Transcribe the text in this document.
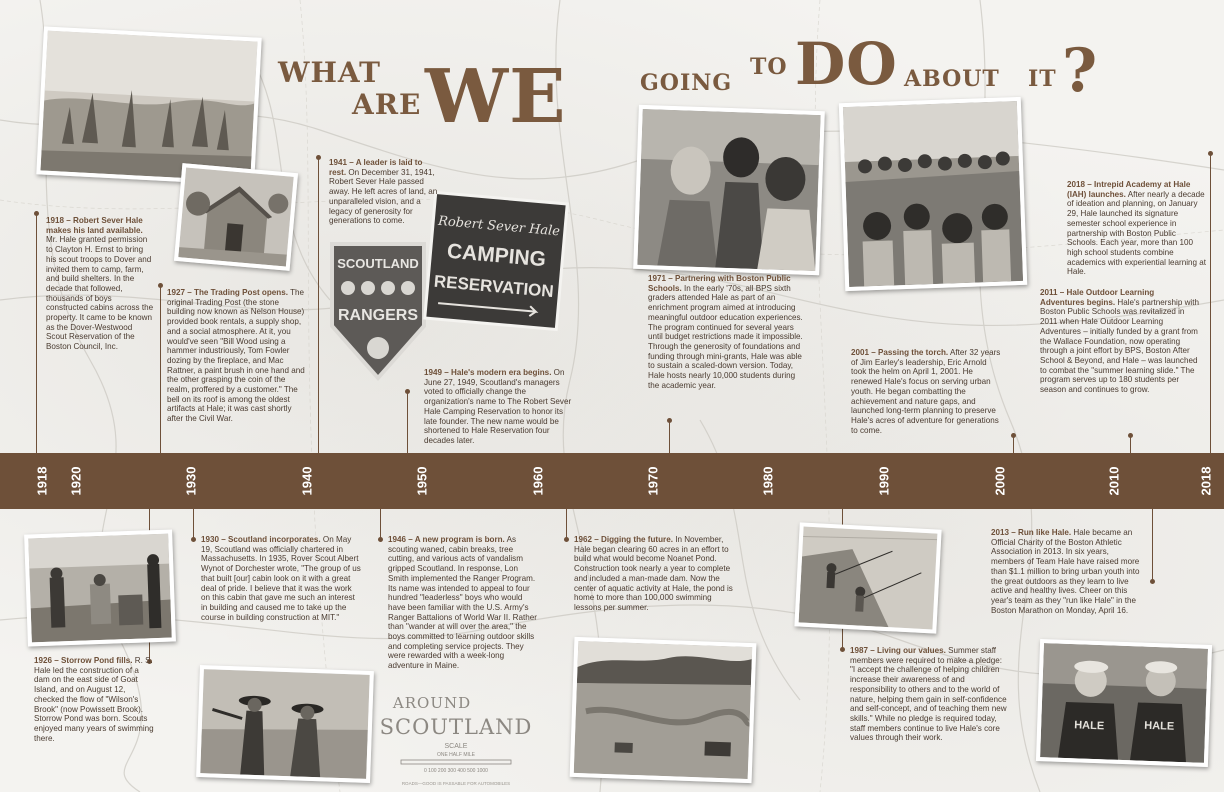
WHAT
ARE WE	GOING
TO DO ABOUT IT ?
SCOUTLAND
RANGERS
Robert Sever Hale
CAMPING
RESERVATION
1918 – Robert Sever Hale makes his land available. Mr. Hale granted permission to Clayton H. Ernst to bring his scout troops to Dover and invited them to camp, farm, and build shelters. In the decade that followed, thousands of boys constructed cabins across the property. It came to be known as the Dover-Westwood Scout Reservation of the Boston Council, Inc.
1927 – The Trading Post opens. The original Trading Post (the stone building now known as Nelson House) provided book rentals, a supply shop, and a social atmosphere. At it, you would've seen "Bill Wood using a hammer industriously, Tom Fowler dozing by the fireplace, and Mac Rattner, a paint brush in one hand and the other grasping the coin of the realm, proffered by a customer." The bell on its roof is among the oldest artifacts at Hale; it was cast shortly after the Civil War.
1941 – A leader is laid to rest. On December 31, 1941, Robert Sever Hale passed away. He left acres of land, an unparalleled vision, and a legacy of generosity for generations to come.
1949 – Hale's modern era begins. On June 27, 1949, Scoutland's managers voted to officially change the organization's name to The Robert Sever Hale Camping Reservation to honor its late founder. The new name would be shortened to Hale Reservation four decades later.
1971 – Partnering with Boston Public Schools. In the early '70s, all BPS sixth graders attended Hale as part of an enrichment program aimed at introducing meaningful outdoor education experiences. The program continued for several years until budget restrictions made it impossible. Through the generosity of foundations and funding through mini-grants, Hale was able to sustain a scaled-down version. Today, Hale hosts nearly 10,000 students during the academic year.
2001 – Passing the torch. After 32 years of Jim Earley's leadership, Eric Arnold took the helm on April 1, 2001. He renewed Hale's focus on serving urban youth. He began combatting the achievement and nature gaps, and launched long-term planning to preserve Hale's acres of adventure for generations to come.
2011 – Hale Outdoor Learning Adventures begins. Hale's partnership with Boston Public Schools was revitalized in 2011 when Hale Outdoor Learning Adventures – initially funded by a grant from the Wallace Foundation, now operating through a joint effort by BPS, Boston After School & Beyond, and Hale – was launched to combat the "summer learning slide." The program serves up to 180 students per season and continues to grow.
2018 – Intrepid Academy at Hale (IAH) launches. After nearly a decade of ideation and planning, on January 29, Hale launched its signature semester school experience in partnership with Boston Public Schools. Each year, more than 100 high school students combine academics with experiential learning at Hale.
1918 1920	1930	1940	1950	1960	1970	1980	1990	2000	2010	2018
AROUND
SCOUTLAND
SCALE
ONE HALF MILE
0 100 200 300 400 500 1000
ROADS—GOOD IS PASSABLE FOR AUTOMOBILES
HALE	HALE
1926 – Storrow Pond fills. R. S. Hale led the construction of a dam on the east side of Goat Island, and on August 12, checked the flow of "Wilson's Brook" (now Powissett Brook). Storrow Pond was born. Scouts enjoyed many years of swimming there.
1930 – Scoutland incorporates. On May 19, Scoutland was officially chartered in Massachusetts. In 1935, Rover Scout Albert Wynot of Dorchester wrote, "The group of us that built [our] cabin look on it with a great deal of pride. I believe that it was the work on this cabin that gave me such an interest in building and caused me to take up the course in building construction at MIT."
1946 – A new program is born. As scouting waned, cabin breaks, tree cutting, and various acts of vandalism gripped Scoutland. In response, Lon Smith implemented the Ranger Program. Its name was intended to appeal to four hundred "leaderless" boys who would have been familiar with the U.S. Army's Ranger Battalions of World War II. Rather than "wander at will over the area," the boys committed to learning outdoor skills and completing service projects. They were rewarded with a week-long adventure in Maine.
1962 – Digging the future. In November, Hale began clearing 60 acres in an effort to build what would become Noanet Pond. Construction took nearly a year to complete and included a man-made dam. Now the center of aquatic activity at Hale, the pond is home to more than 100,000 swimming lessons per summer.
1987 – Living our values. Summer staff members were required to make a pledge: "I accept the challenge of helping children increase their awareness of and responsibility to others and to the world of nature, helping them gain in self-confidence and self-concept, and of teaching them new skills." While no pledge is required today, staff members continue to live Hale's core values through their work.
2013 – Run like Hale. Hale became an Official Charity of the Boston Athletic Association in 2013. In six years, members of Team Hale have raised more than $1.1 million to bring urban youth into the great outdoors as they learn to live active and healthy lives. Cheer on this year's team as they "run like Hale" in the Boston Marathon on Monday, April 16.
